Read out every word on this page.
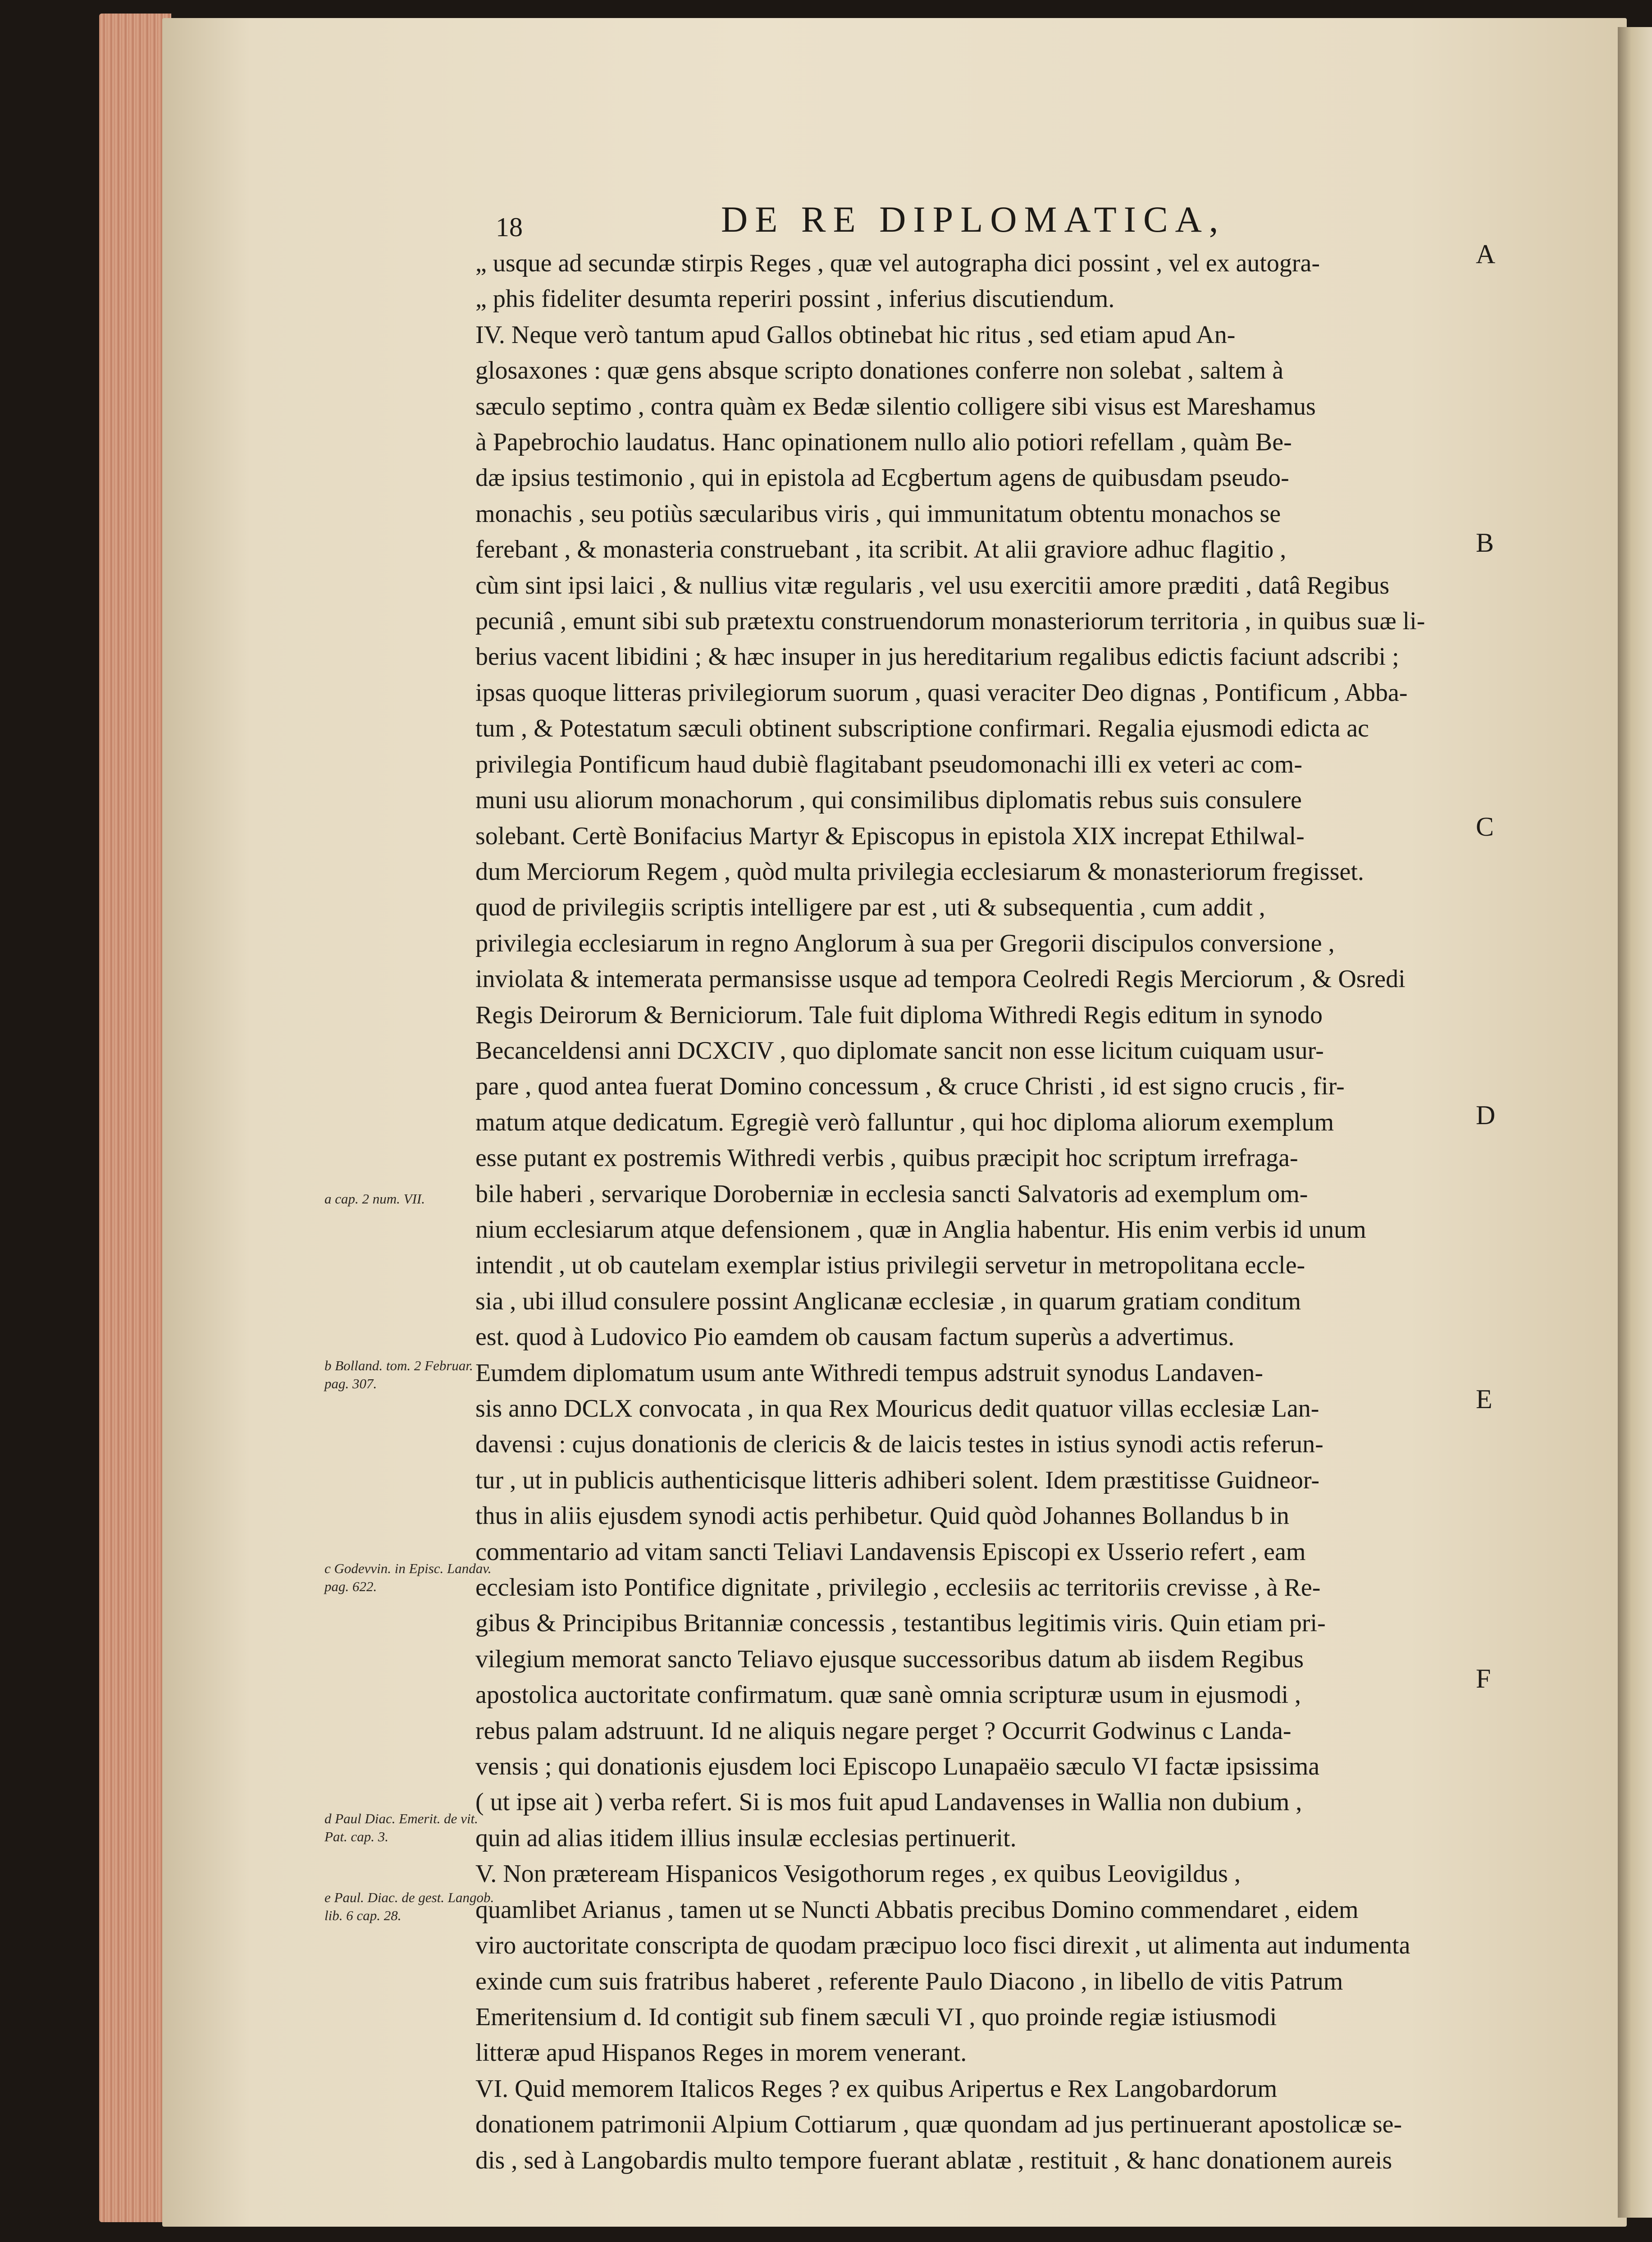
18	DE RE DIPLOMATICA,
„ usque ad secundæ stirpis Reges , quæ vel autographa dici possint , vel ex autogra-
„ phis fideliter desumta reperiri possint , inferius discutiendum.
IV. Neque verò tantum apud Gallos obtinebat hic ritus , sed etiam apud An-
glosaxones : quæ gens absque scripto donationes conferre non solebat , saltem à
sæculo septimo , contra quàm ex Bedæ silentio colligere sibi visus est Mareshamus
à Papebrochio laudatus. Hanc opinationem nullo alio potiori refellam , quàm Be-
dæ ipsius testimonio , qui in epistola ad Ecgbertum agens de quibusdam pseudo-
monachis , seu potiùs sæcularibus viris , qui immunitatum obtentu monachos se
ferebant , & monasteria construebant , ita scribit. At alii graviore adhuc flagitio ,
cùm sint ipsi laici , & nullius vitæ regularis , vel usu exercitii amore præditi , datâ Regibus
pecuniâ , emunt sibi sub prætextu construendorum monasteriorum territoria , in quibus suæ li-
berius vacent libidini ; & hæc insuper in jus hereditarium regalibus edictis faciunt adscribi ;
ipsas quoque litteras privilegiorum suorum , quasi veraciter Deo dignas , Pontificum , Abba-
tum , & Potestatum sæculi obtinent subscriptione confirmari. Regalia ejusmodi edicta ac
privilegia Pontificum haud dubiè flagitabant pseudomonachi illi ex veteri ac com-
muni usu aliorum monachorum , qui consimilibus diplomatis rebus suis consulere
solebant. Certè Bonifacius Martyr & Episcopus in epistola XIX increpat Ethilwal-
dum Merciorum Regem , quòd multa privilegia ecclesiarum & monasteriorum fregisset.
quod de privilegiis scriptis intelligere par est , uti & subsequentia , cum addit ,
privilegia ecclesiarum in regno Anglorum à sua per Gregorii discipulos conversione ,
inviolata & intemerata permansisse usque ad tempora Ceolredi Regis Merciorum , & Osredi
Regis Deirorum & Berniciorum. Tale fuit diploma Withredi Regis editum in synodo
Becanceldensi anni DCXCIV , quo diplomate sancit non esse licitum cuiquam usur-
pare , quod antea fuerat Domino concessum , & cruce Christi , id est signo crucis , fir-
matum atque dedicatum. Egregiè verò falluntur , qui hoc diploma aliorum exemplum
esse putant ex postremis Withredi verbis , quibus præcipit hoc scriptum irrefraga-
bile haberi , servarique Doroberniæ in ecclesia sancti Salvatoris ad exemplum om-
nium ecclesiarum atque defensionem , quæ in Anglia habentur. His enim verbis id unum
intendit , ut ob cautelam exemplar istius privilegii servetur in metropolitana eccle-
sia , ubi illud consulere possint Anglicanæ ecclesiæ , in quarum gratiam conditum
est. quod à Ludovico Pio eamdem ob causam factum superùs a advertimus.
Eumdem diplomatum usum ante Withredi tempus adstruit synodus Landaven-
sis anno DCLX convocata , in qua Rex Mouricus dedit quatuor villas ecclesiæ Lan-
davensi : cujus donationis de clericis & de laicis testes in istius synodi actis referun-
tur , ut in publicis authenticisque litteris adhiberi solent. Idem præstitisse Guidneor-
thus in aliis ejusdem synodi actis perhibetur. Quid quòd Johannes Bollandus b in
commentario ad vitam sancti Teliavi Landavensis Episcopi ex Usserio refert , eam
ecclesiam isto Pontifice dignitate , privilegio , ecclesiis ac territoriis crevisse , à Re-
gibus & Principibus Britanniæ concessis , testantibus legitimis viris. Quin etiam pri-
vilegium memorat sancto Teliavo ejusque successoribus datum ab iisdem Regibus
apostolica auctoritate confirmatum. quæ sanè omnia scripturæ usum in ejusmodi ,
rebus palam adstruunt. Id ne aliquis negare perget ? Occurrit Godwinus c Landa-
vensis ; qui donationis ejusdem loci Episcopo Lunapaëio sæculo VI factæ ipsissima
( ut ipse ait ) verba refert. Si is mos fuit apud Landavenses in Wallia non dubium ,
quin ad alias itidem illius insulæ ecclesias pertinuerit.
V. Non præteream Hispanicos Vesigothorum reges , ex quibus Leovigildus ,
quamlibet Arianus , tamen ut se Nuncti Abbatis precibus Domino commendaret , eidem
viro auctoritate conscripta de quodam præcipuo loco fisci direxit , ut alimenta aut indumenta
exinde cum suis fratribus haberet , referente Paulo Diacono , in libello de vitis Patrum
Emeritensium d. Id contigit sub finem sæculi VI , quo proinde regiæ istiusmodi
litteræ apud Hispanos Reges in morem venerant.
VI. Quid memorem Italicos Reges ? ex quibus Aripertus e Rex Langobardorum
donationem patrimonii Alpium Cottiarum , quæ quondam ad jus pertinuerant apostolicæ se-
dis , sed à Langobardis multo tempore fuerant ablatæ , restituit , & hanc donationem aureis
a cap. 2 num. VII.
b Bolland. tom. 2 Februar. pag. 307.
c Godevvin. in Episc. Landav. pag. 622.
d Paul Diac. Emerit. de vit. Pat. cap. 3.
e Paul. Diac. de gest. Langob. lib. 6 cap. 28.
A
B
C
D
E
F
